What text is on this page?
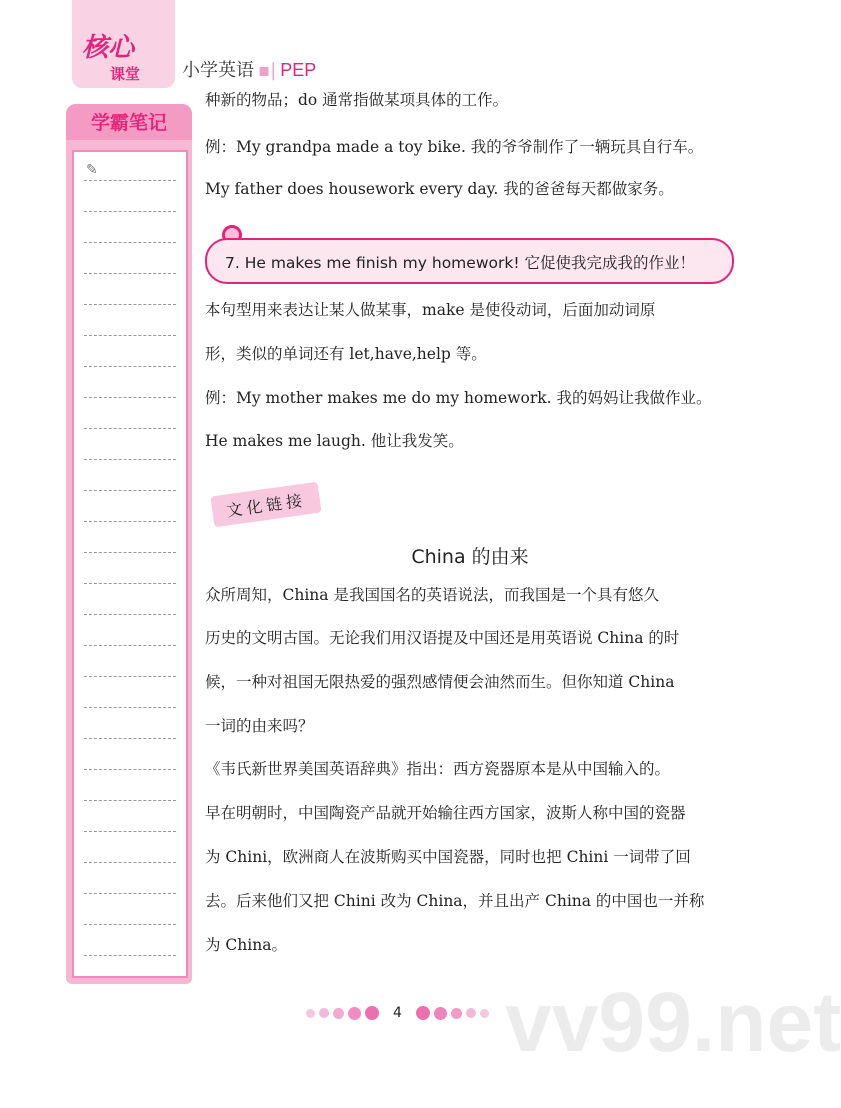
核心
课堂 小学英语 ▪| PEP
学霸笔记
✎
种新的物品；do 通常指做某项具体的工作。
例：My grandpa made a toy bike. 我的爷爷制作了一辆玩具自行车。
My father does housework every day. 我的爸爸每天都做家务。
7. He makes me finish my homework! 它促使我完成我的作业！
本句型用来表达让某人做某事，make 是使役动词，后面加动词原
形，类似的单词还有 let,have,help 等。
例：My mother makes me do my homework. 我的妈妈让我做作业。
He makes me laugh. 他让我发笑。
文化链接
China 的由来
众所周知，China 是我国国名的英语说法，而我国是一个具有悠久
历史的文明古国。无论我们用汉语提及中国还是用英语说 China 的时
候，一种对祖国无限热爱的强烈感情便会油然而生。但你知道 China
一词的由来吗？
《韦氏新世界美国英语辞典》指出：西方瓷器原本是从中国输入的。
早在明朝时，中国陶瓷产品就开始输往西方国家，波斯人称中国的瓷器
为 Chini，欧洲商人在波斯购买中国瓷器，同时也把 Chini 一词带了回
去。后来他们又把 Chini 改为 China，并且出产 China 的中国也一并称
为 China。
vv99.net
4
